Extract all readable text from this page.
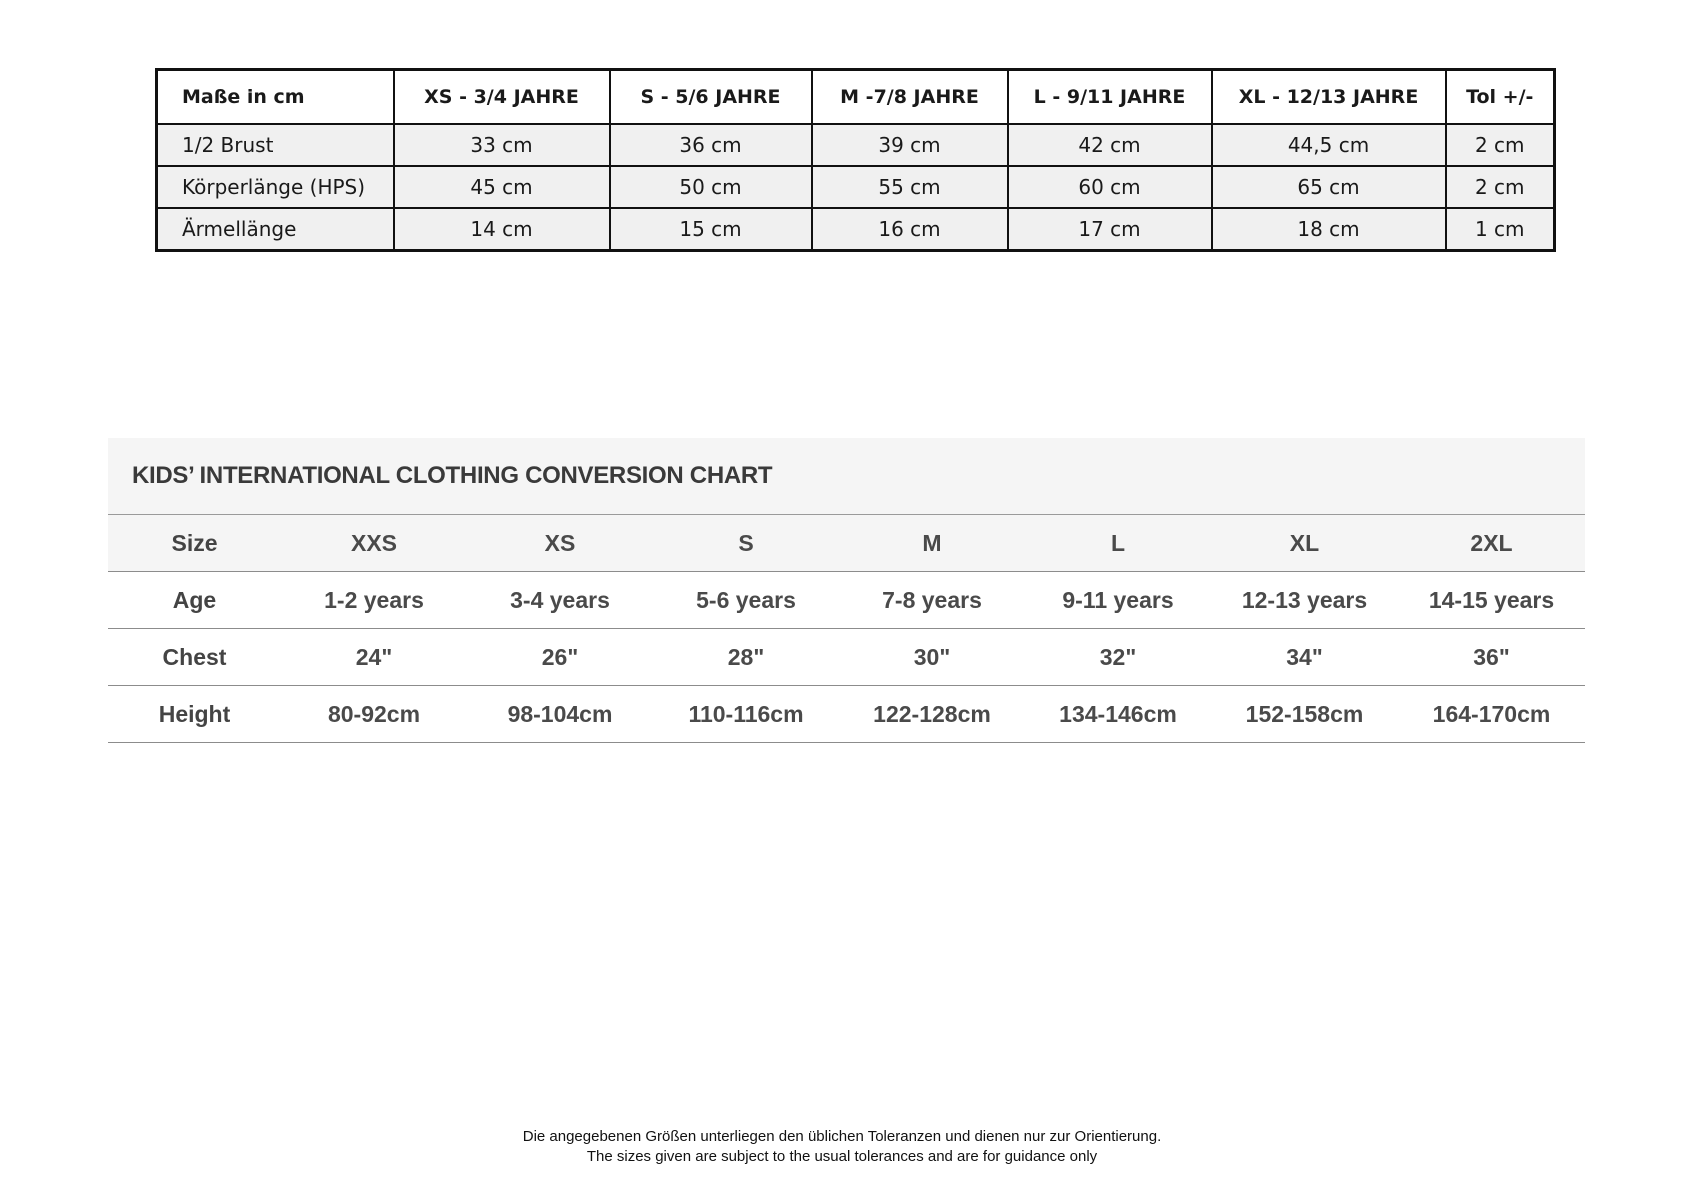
Maße in cm	XS - 3/4 JAHRE	S - 5/6 JAHRE	M -7/8 JAHRE	L - 9/11 JAHRE	XL - 12/13 JAHRE	Tol +/-
1/2 Brust	33 cm	36 cm	39 cm	42 cm	44,5 cm	2 cm
Körperlänge (HPS)	45 cm	50 cm	55 cm	60 cm	65 cm	2 cm
Ärmellänge	14 cm	15 cm	16 cm	17 cm	18 cm	1 cm
KIDS’ INTERNATIONAL CLOTHING CONVERSION CHART
Size	XXS	XS	S	M	L	XL	2XL
Age	1-2 years	3-4 years	5-6 years	7-8 years	9-11 years	12-13 years	14-15 years
Chest	24"	26"	28"	30"	32"	34"	36"
Height	80-92cm	98-104cm	110-116cm	122-128cm	134-146cm	152-158cm	164-170cm
Die angegebenen Größen unterliegen den üblichen Toleranzen und dienen nur zur Orientierung.
The sizes given are subject to the usual tolerances and are for guidance only
